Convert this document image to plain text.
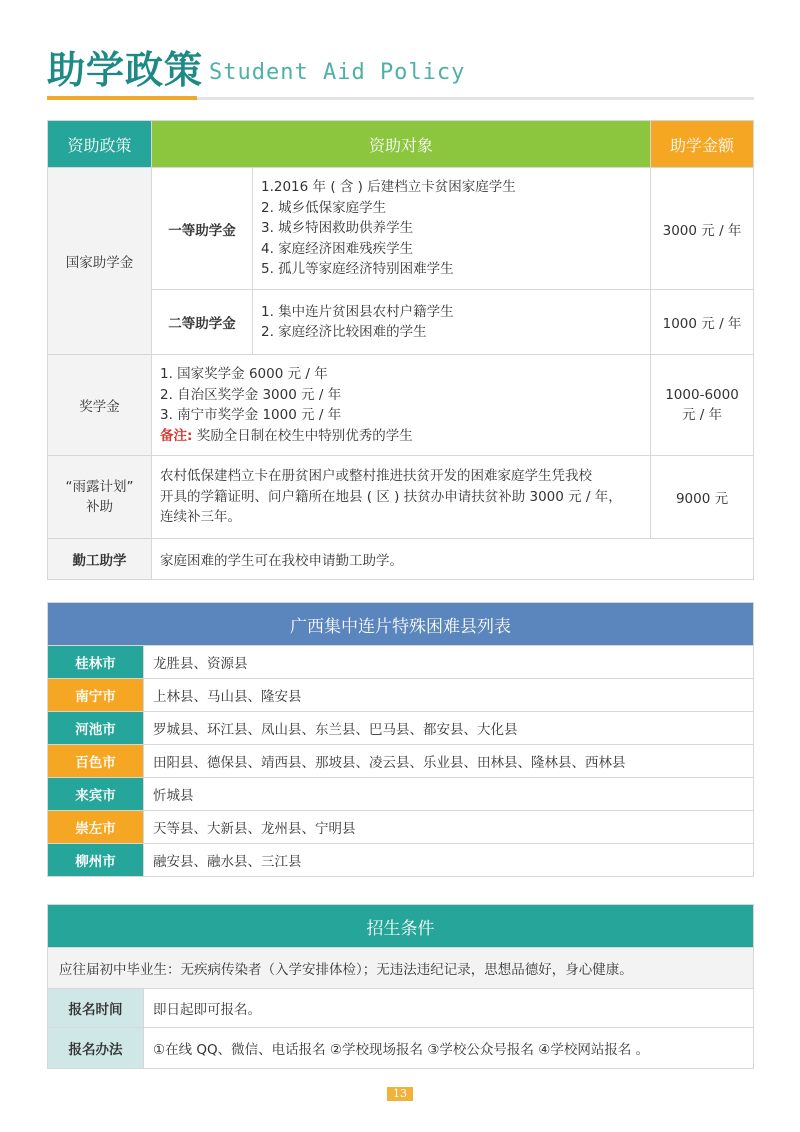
助学政策 Student Aid Policy
资助政策	资助对象		助学金额
国家助学金	一等助学金	1.2016 年 ( 含 ) 后建档立卡贫困家庭学生
2. 城乡低保家庭学生
3. 城乡特困救助供养学生
4. 家庭经济困难残疾学生
5. 孤儿等家庭经济特别困难学生	3000 元 / 年
	二等助学金	1. 集中连片贫困县农村户籍学生
2. 家庭经济比较困难的学生	1000 元 / 年
奖学金	1. 国家奖学金 6000 元 / 年
2. 自治区奖学金 3000 元 / 年
3. 南宁市奖学金 1000 元 / 年
备注: 奖励全日制在校生中特别优秀的学生		1000-6000
元 / 年

“雨露计划”
补助	农村低保建档立卡在册贫困户或整村推进扶贫开发的困难家庭学生凭我校
开具的学籍证明、问户籍所在地县 ( 区 ) 扶贫办申请扶贫补助 3000 元 / 年，
连续补三年。		9000 元
勤工助学	家庭困难的学生可在我校申请勤工助学。		
广西集中连片特殊困难县列表	
桂林市	龙胜县、资源县
南宁市	上林县、马山县、隆安县
河池市	罗城县、环江县、凤山县、东兰县、巴马县、都安县、大化县
百色市	田阳县、德保县、靖西县、那坡县、凌云县、乐业县、田林县、隆林县、西林县
来宾市	忻城县
崇左市	天等县、大新县、龙州县、宁明县
柳州市	融安县、融水县、三江县
招生条件	
应往届初中毕业生：无疾病传染者（入学安排体检）；无违法违纪记录，思想品德好，身心健康。	
报名时间	即日起即可报名。
报名办法	①在线 QQ、微信、电话报名 ②学校现场报名 ③学校公众号报名 ④学校网站报名 。
13
